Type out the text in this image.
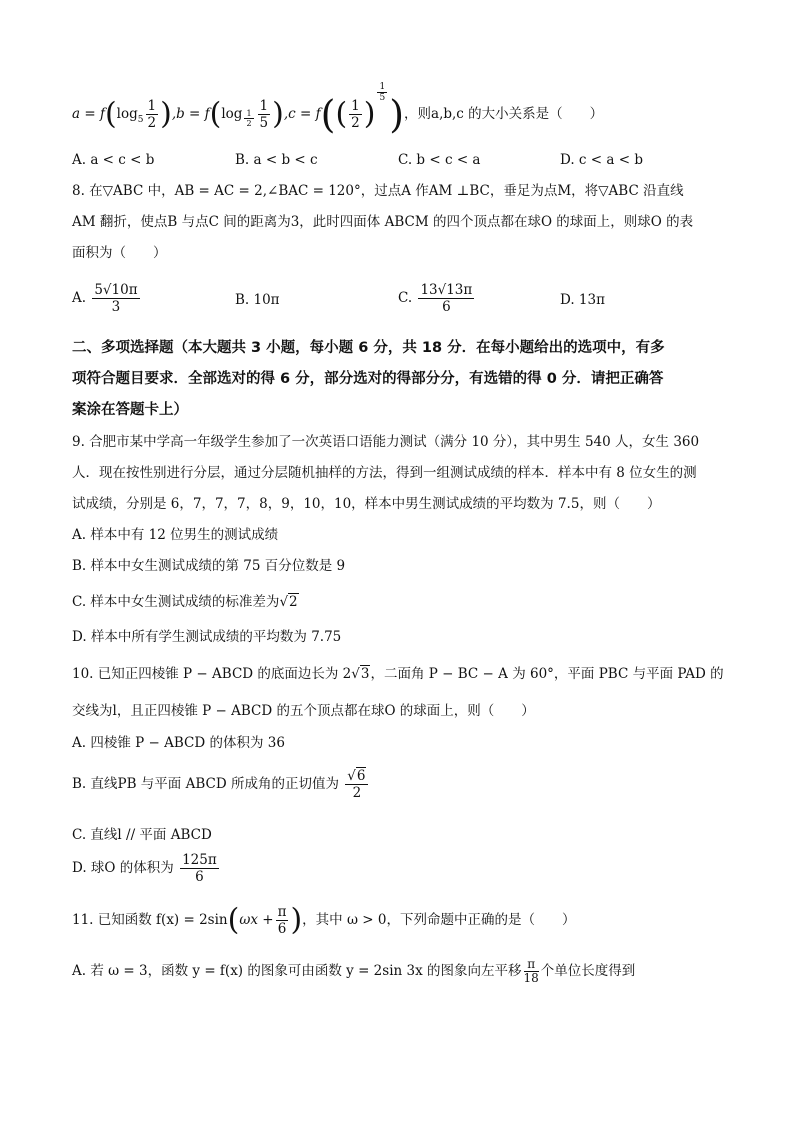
$a = f(\log_5 \frac{1}{2} ),b = f(\log \frac{1}{2} \frac{1}{5} ),c = f(( \frac{1}{2}$ )
$\frac{1}{5}$ )，则a,b,c 的大小关系是（　　）
A. a < c < b	B. a < b < c	C. b < c < a	D. c < a < b
8. 在▽ABC 中，AB = AC = 2,∠BAC = 120°，过点A 作AM ⊥BC，垂足为点M，将▽ABC 沿直线
AM 翻折，使点B 与点C 间的距离为3，此时四面体 ABCM 的四个顶点都在球O 的球面上，则球O 的表
面积为（　　）
A. $\frac{5√10\pi}{3}$	B. 10π	C. $\frac{13√13\pi}{6}$	D. 13π
二、多项选择题（本大题共 3 小题，每小题 6 分，共 18 分．在每小题给出的选项中，有多
项符合题目要求．全部选对的得 6 分，部分选对的得部分分，有选错的得 0 分．请把正确答
案涂在答题卡上）
9. 合肥市某中学高一年级学生参加了一次英语口语能力测试（满分 10 分），其中男生 540 人，女生 360
人．现在按性别进行分层，通过分层随机抽样的方法，得到一组测试成绩的样本．样本中有 8 位女生的测
试成绩，分别是 6，7，7，7，8，9，10，10，样本中男生测试成绩的平均数为 7.5，则（　　）
A. 样本中有 12 位男生的测试成绩
B. 样本中女生测试成绩的第 75 百分位数是 9
C. 样本中女生测试成绩的标准差为√2
D. 样本中所有学生测试成绩的平均数为 7.75
10. 已知正四棱锥 P − ABCD 的底面边长为 2√3，二面角 P − BC − A 为 60°，平面 PBC 与平面 PAD 的
交线为l，且正四棱锥 P − ABCD 的五个顶点都在球O 的球面上，则（　　）
A. 四棱锥 P − ABCD 的体积为 36
B. 直线PB 与平面 ABCD 所成角的正切值为 $\frac{√6}{2}$
C. 直线l // 平面 ABCD
D. 球O 的体积为 $\frac{125\pi}{6}$
11. 已知函数 $f(x) = 2\sin(\omega x + \frac{\pi}{6}$ )，其中 ω > 0，下列命题中正确的是（　　）
A. 若 ω = 3，函数 y = f(x) 的图象可由函数 y = 2sin 3x 的图象向左平移 $\frac{\pi}{18}$ 个单位长度得到
